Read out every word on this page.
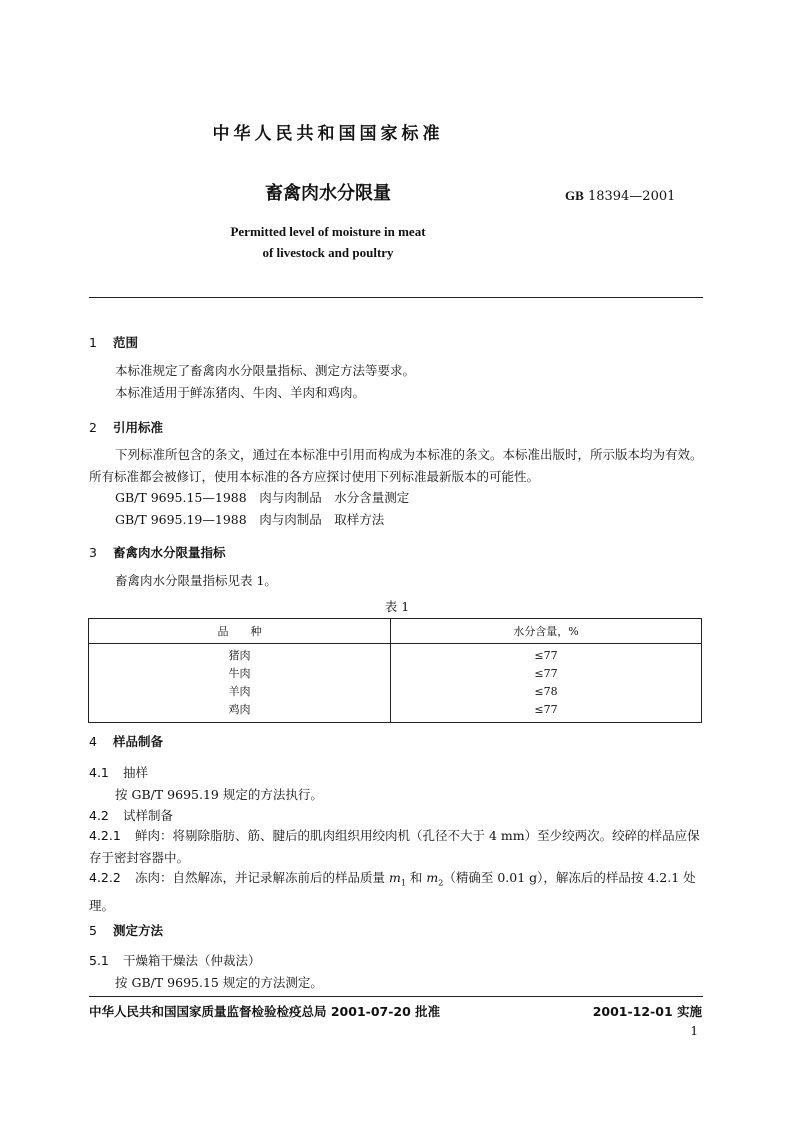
中华人民共和国国家标准
畜禽肉水分限量	GB 18394—2001
Permitted level of moisture in meat
of livestock and poultry
1 范围
本标准规定了畜禽肉水分限量指标、测定方法等要求。
本标准适用于鲜冻猪肉、牛肉、羊肉和鸡肉。
2 引用标准
下列标准所包含的条文，通过在本标准中引用而构成为本标准的条文。本标准出版时，所示版本均为有效。所有标准都会被修订，使用本标准的各方应探讨使用下列标准最新版本的可能性。
GB/T 9695.15—1988　肉与肉制品　水分含量测定
GB/T 9695.19—1988　肉与肉制品　取样方法
3 畜禽肉水分限量指标
畜禽肉水分限量指标见表 1。
表 1
品　　种	水分含量，%
猪肉	≤77
牛肉	≤77
羊肉	≤78
鸡肉	≤77
4 样品制备
4.1 抽样
按 GB/T 9695.19 规定的方法执行。
4.2 试样制备
4.2.1 鲜肉：将剔除脂肪、筋、腱后的肌肉组织用绞肉机（孔径不大于 4 mm）至少绞两次。绞碎的样品应保存于密封容器中。
4.2.2 冻肉：自然解冻，并记录解冻前后的样品质量 $m_1$ 和 $m_2$（精确至 0.01 g），解冻后的样品按 4.2.1 处理。
5 测定方法
5.1 干燥箱干燥法（仲裁法）
按 GB/T 9695.15 规定的方法测定。
中华人民共和国国家质量监督检验检疫总局 2001-07-20 批准	2001-12-01 实施
1
